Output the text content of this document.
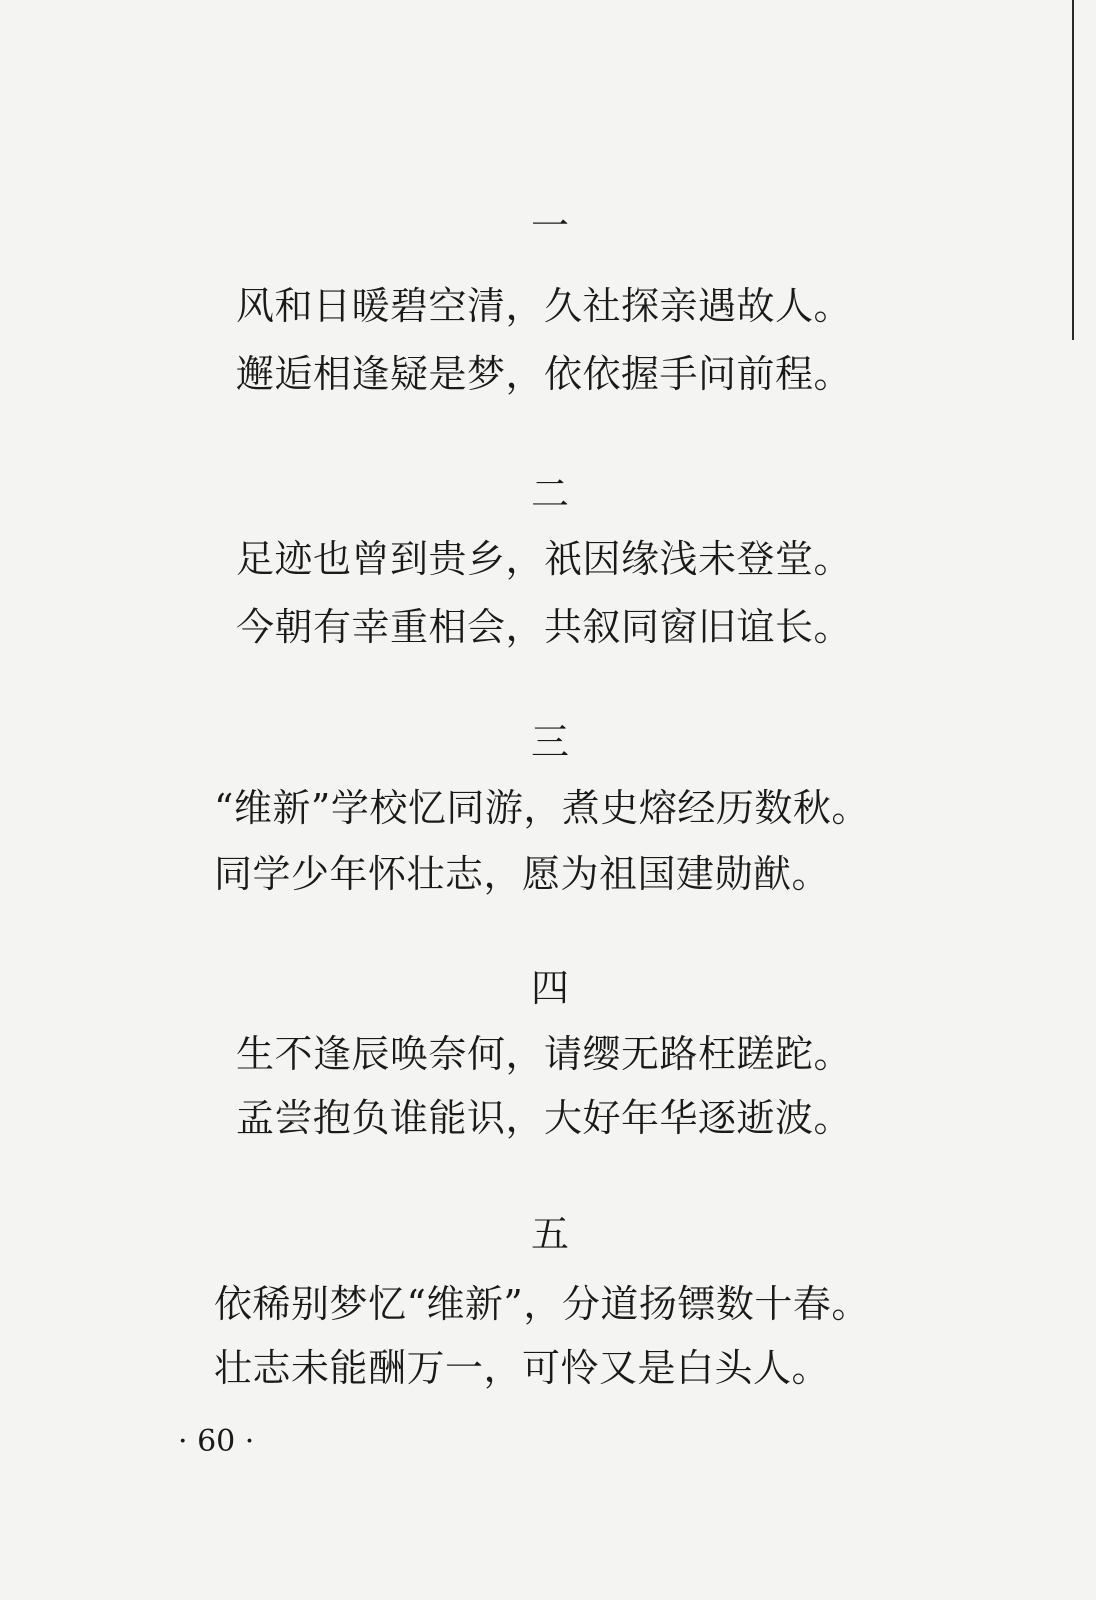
一
风和日暖碧空清，久社探亲遇故人。
邂逅相逢疑是梦，依依握手问前程。
二
足迹也曾到贵乡，祇因缘浅未登堂。
今朝有幸重相会，共叙同窗旧谊长。
三
“维新”学校忆同游，煮史熔经历数秋。
同学少年怀壮志，愿为祖国建勋猷。
四
生不逢辰唤奈何，请缨无路枉蹉跎。
孟尝抱负谁能识，大好年华逐逝波。
五
依稀别梦忆“维新”，分道扬镖数十春。
壮志未能酬万一，可怜又是白头人。
· 60 ·
